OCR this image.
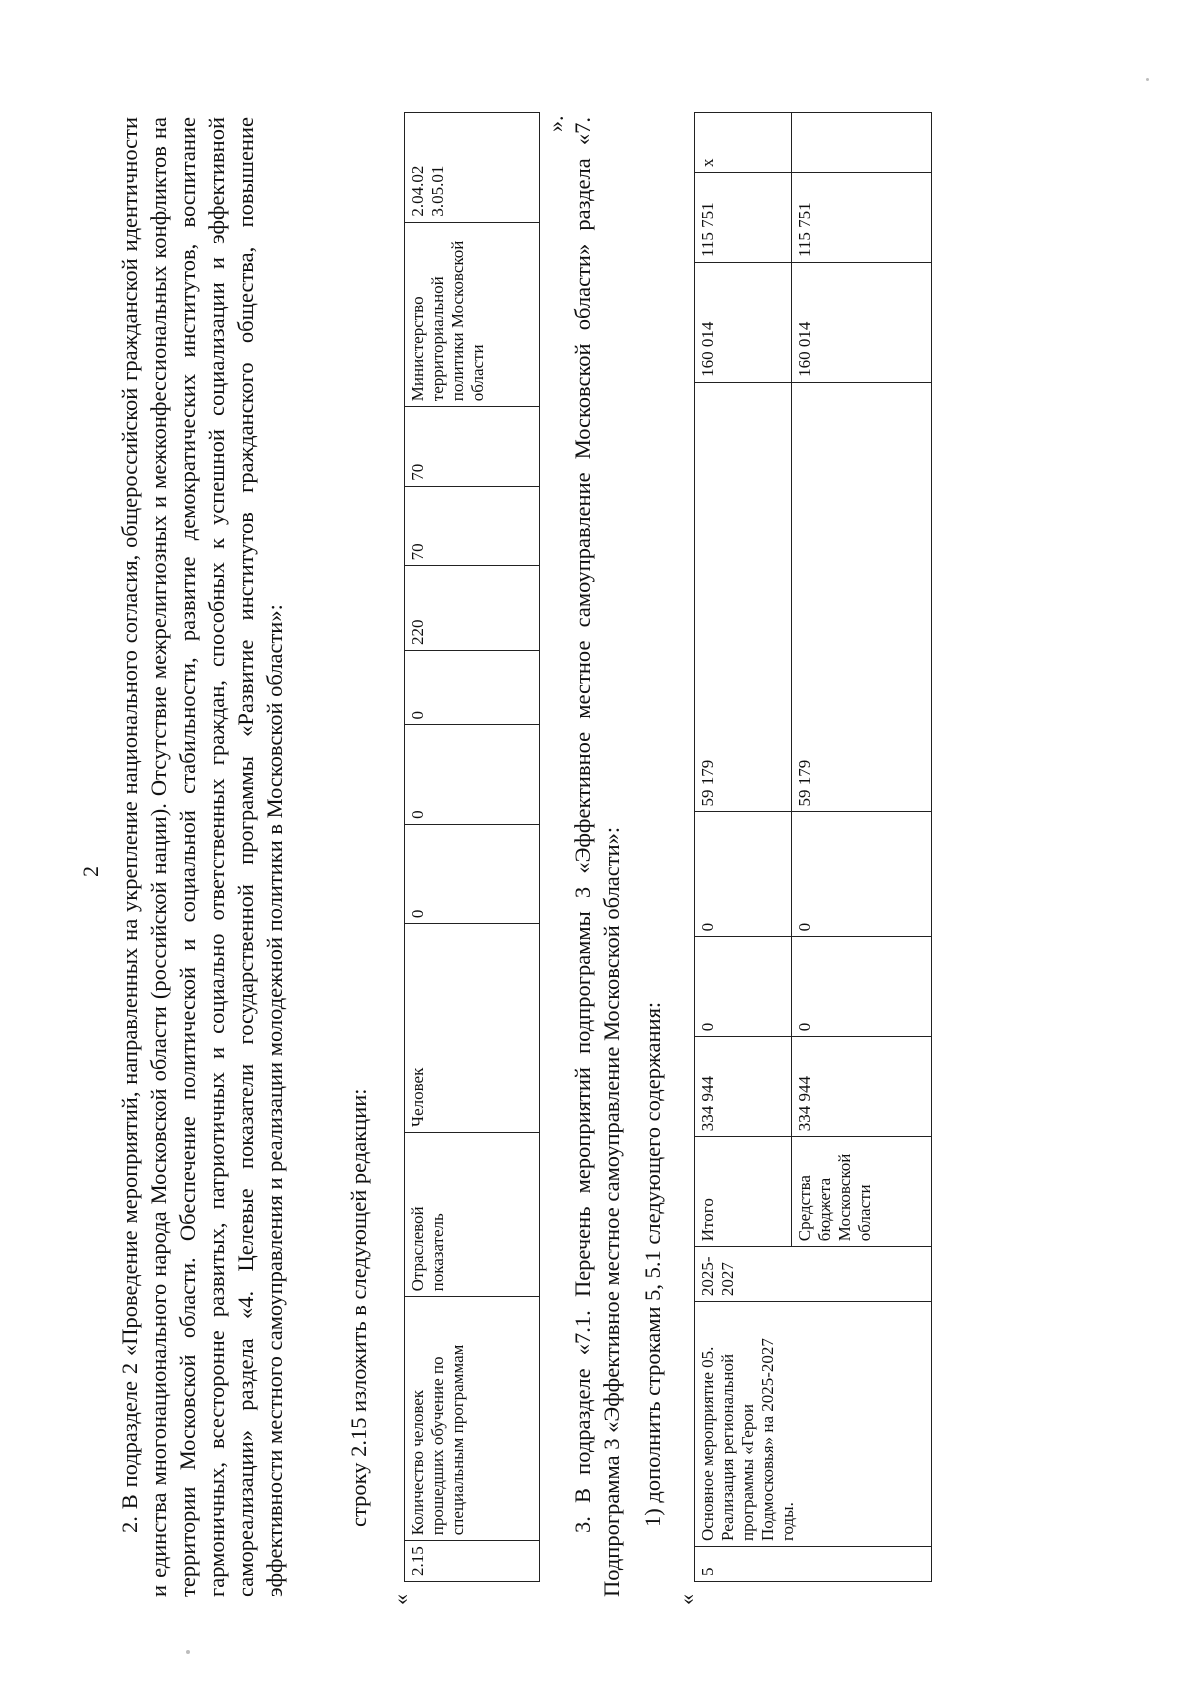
2 2. В подразделе 2 «Проведение мероприятий, направленных на укрепление национального согласия, общероссийской гражданской идентичности и единства многонационального народа Московской области (российской нации). Отсутствие межрелигиозных и межконфессиональных конфликтов на территории Московской области. Обеспечение политической и социальной стабильности, развитие демократических институтов, воспитание гармоничных, всесторонне развитых, патриотичных и социально ответственных граждан, способных к успешной социализации и эффективной самореализации» раздела «4. Целевые показатели государственной программы «Развитие институтов гражданского общества, повышение эффективности местного самоуправления и реализации молодежной политики в Московской области»:	строку 2.15 изложить в следующей редакции:
«
2.15	Количество человек прошедших обучение по специальным программам	Отраслевой показатель	Человек	0	0	0	220	70	70	Министерство территориальной политики Московской области	2.04.02 3.05.01
». 3. В подразделе «7.1. Перечень мероприятий подпрограммы 3 «Эффективное местное самоуправление Московской области» раздела «7. Подпрограмма 3 «Эффективное местное самоуправление Московской области»: 1) дополнить строками 5, 5.1 следующего содержания:
«
5	Основное мероприятие 05. Реализация региональной программы «Герои Подмосковья» на 2025-2027 годы.	2025-2027	Итого	334 944	0	0	59 179	160 014	115 751	х
			Средства бюджета Московской области	334 944	0	0	59 179	160 014	115 751	
